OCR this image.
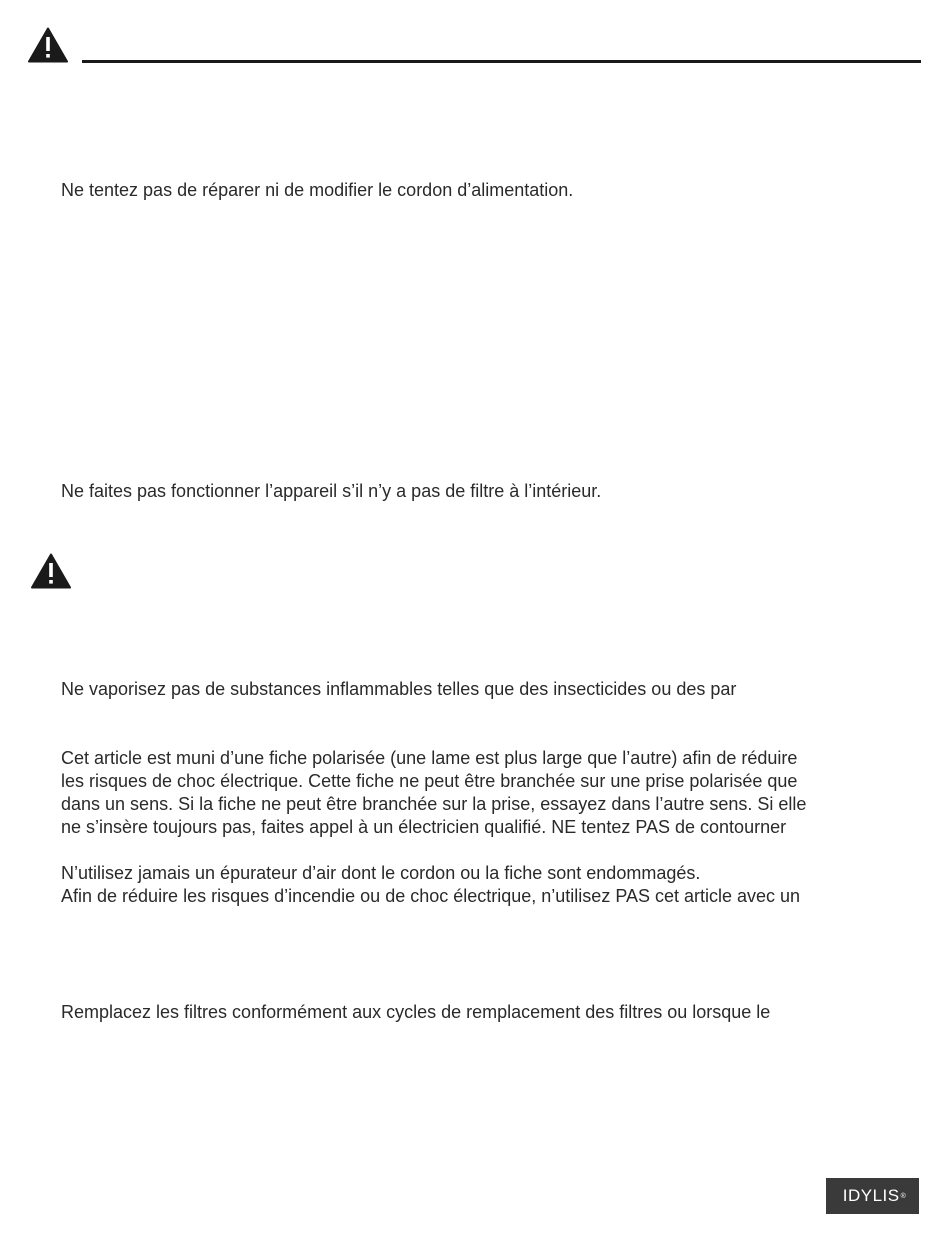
Ne tentez pas de réparer ni de modifier le cordon d’alimentation.

Ne faites pas fonctionner l’appareil s’il n’y a pas de filtre à l’intérieur.

Ne vaporisez pas de substances inflammables telles que des insecticides ou des par

Cet article est muni d’une fiche polarisée (une lame est plus large que l’autre) afin de réduire

les risques de choc électrique. Cette fiche ne peut être branchée sur une prise polarisée que

dans un sens. Si la fiche ne peut être branchée sur la prise, essayez dans l’autre sens. Si elle

ne s’insère toujours pas, faites appel à un électricien qualifié. NE tentez PAS de contourner

N’utilisez jamais un épurateur d’air dont le cordon ou la fiche sont endommagés.

Afin de réduire les risques d’incendie ou de choc électrique, n’utilisez PAS cet article avec un

Remplacez les filtres conformément aux cycles de remplacement des filtres ou lorsque le

IDYLIS ®
